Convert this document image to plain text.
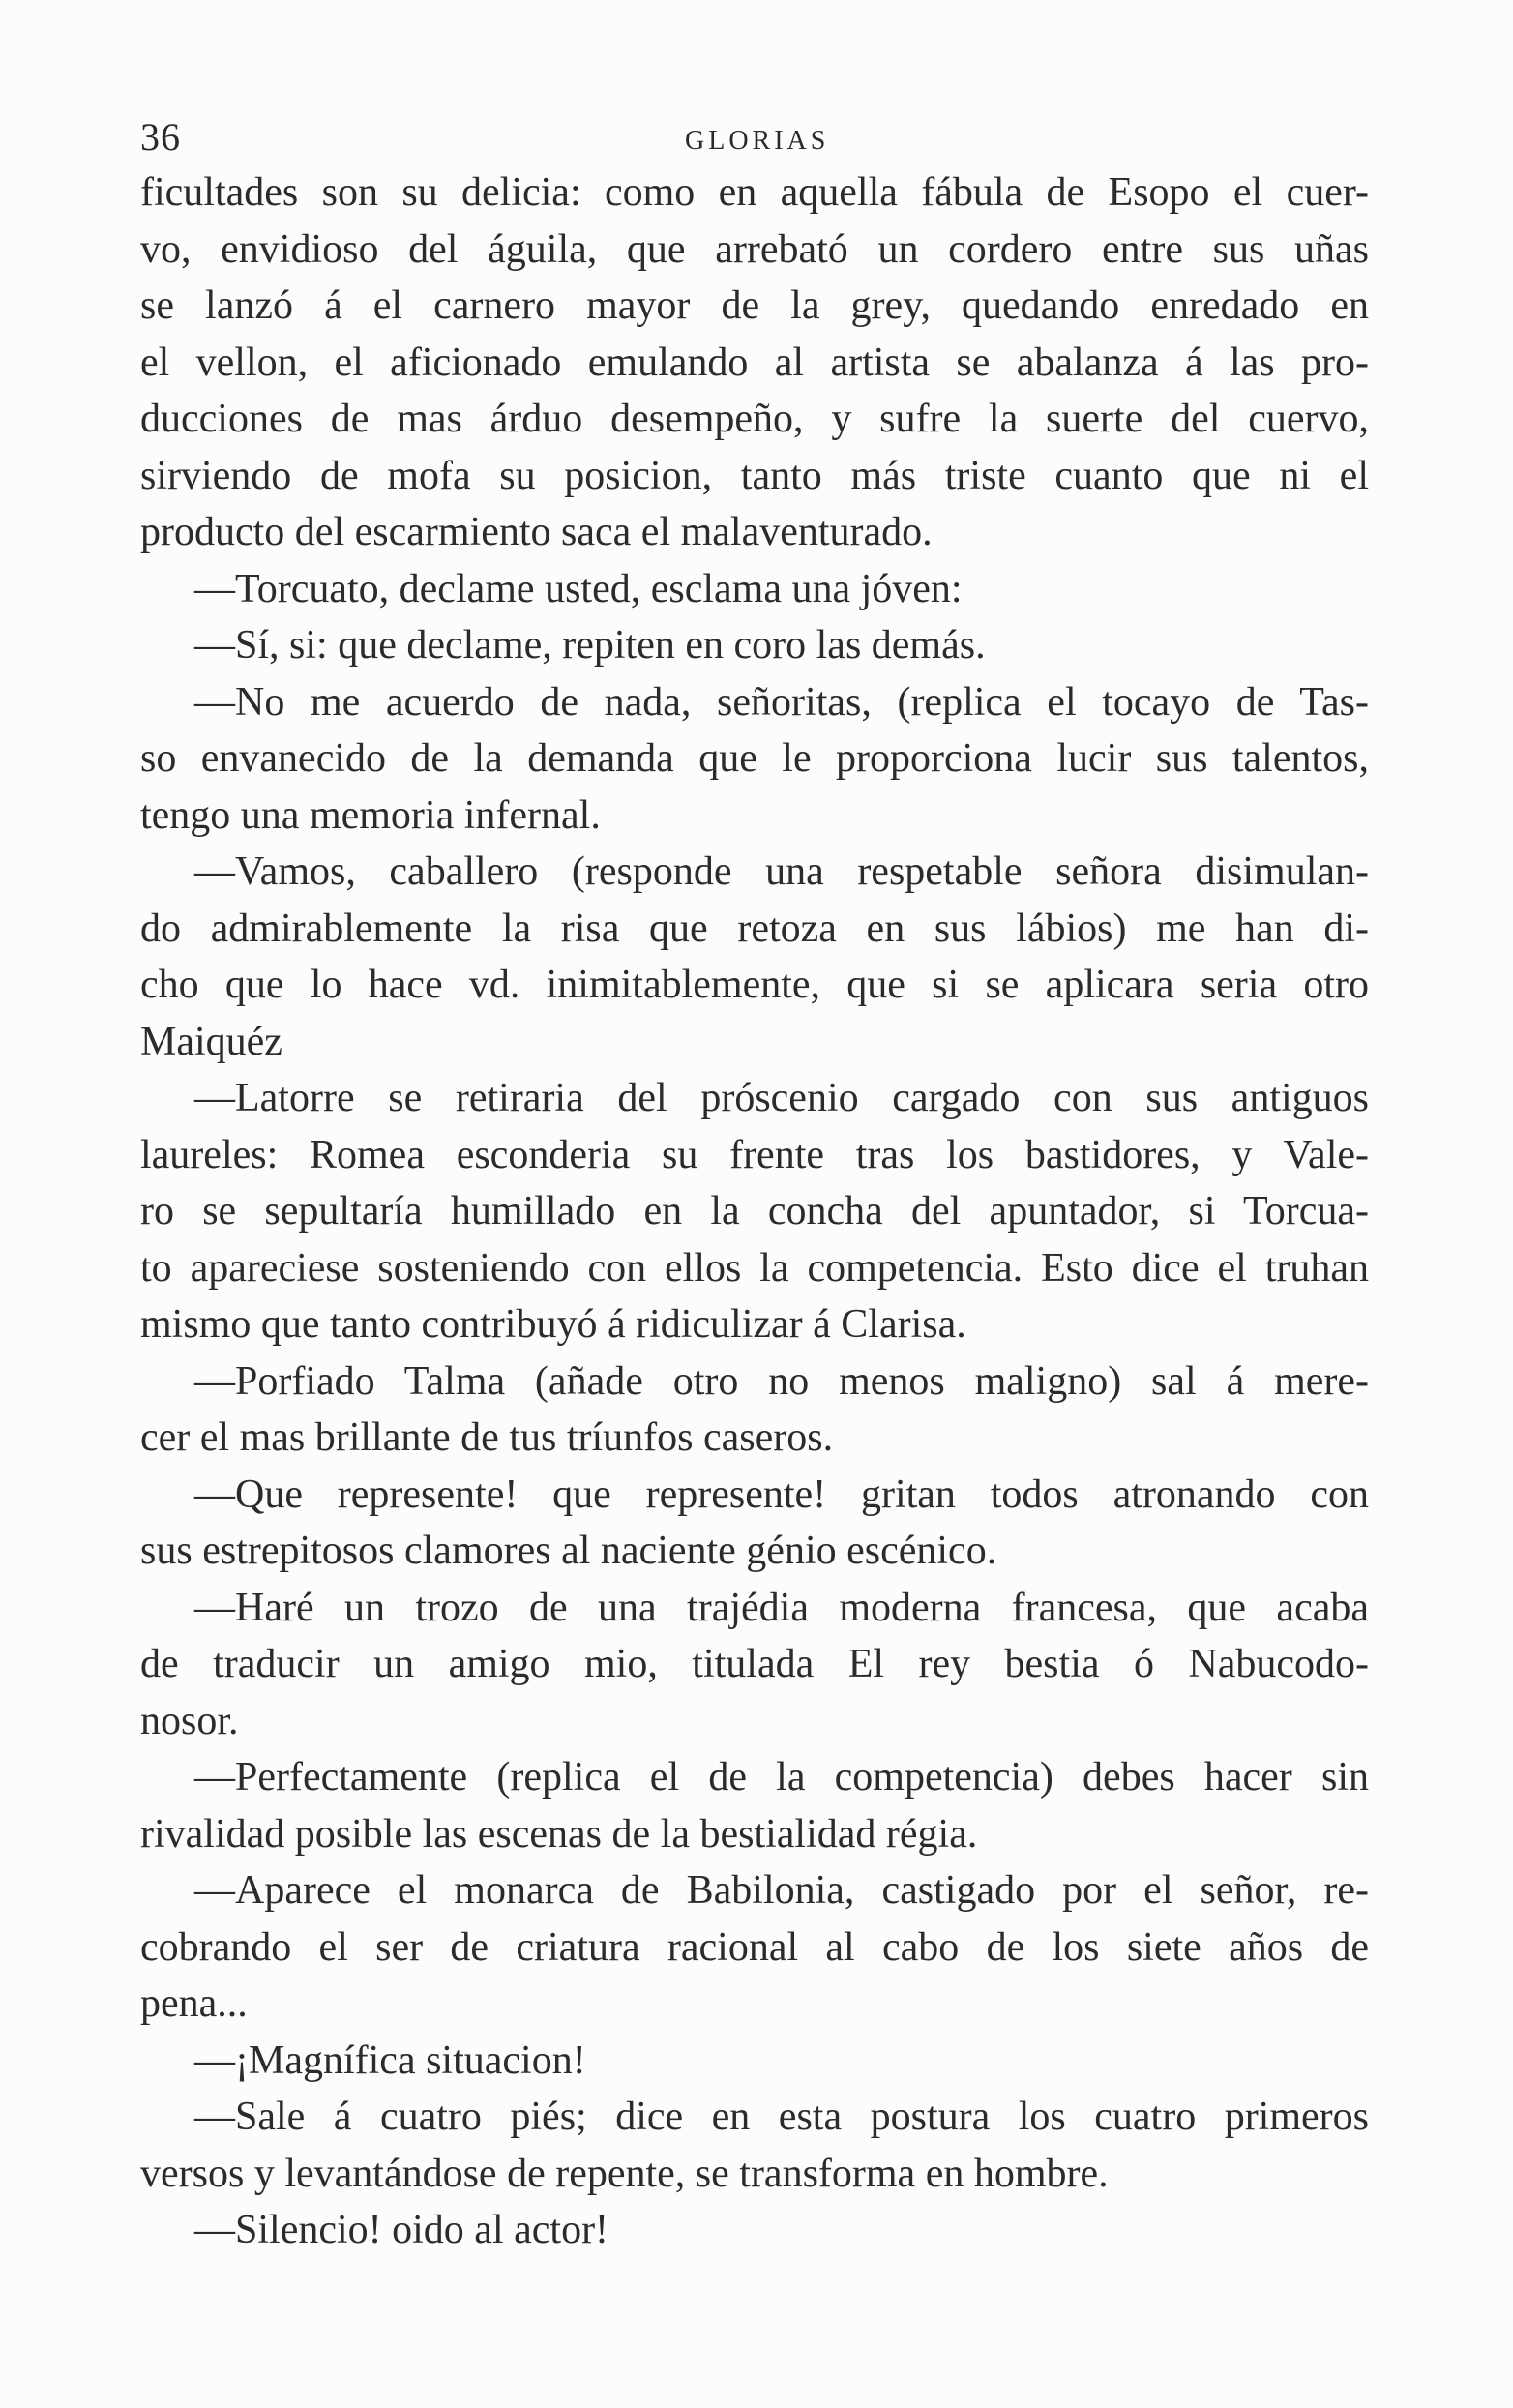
36	GLORIAS

ficultades son su delicia: como en aquella fábula de Esopo el cuer-
vo, envidioso del águila, que arrebató un cordero entre sus uñas
se lanzó á el carnero mayor de la grey, quedando enredado en
el vellon, el aficionado emulando al artista se abalanza á las pro-
ducciones de mas árduo desempeño, y sufre la suerte del cuervo,
sirviendo de mofa su posicion, tanto más triste cuanto que ni el
producto del escarmiento saca el malaventurado.

—Torcuato, declame usted, esclama una jóven:

—Sí, si: que declame, repiten en coro las demás.

—No me acuerdo de nada, señoritas, (replica el tocayo de Tas-
so envanecido de la demanda que le proporciona lucir sus talentos,
tengo una memoria infernal.

—Vamos, caballero (responde una respetable señora disimulan-
do admirablemente la risa que retoza en sus lábios) me han di-
cho que lo hace vd. inimitablemente, que si se aplicara seria otro
Maiquéz

—Latorre se retiraria del próscenio cargado con sus antiguos
laureles: Romea esconderia su frente tras los bastidores, y Vale-
ro se sepultaría humillado en la concha del apuntador, si Torcua-
to apareciese sosteniendo con ellos la competencia. Esto dice el truhan
mismo que tanto contribuyó á ridiculizar á Clarisa.

—Porfiado Talma (añade otro no menos maligno) sal á mere-
cer el mas brillante de tus tríunfos caseros.

—Que represente! que represente! gritan todos atronando con
sus estrepitosos clamores al naciente génio escénico.

—Haré un trozo de una trajédia moderna francesa, que acaba
de traducir un amigo mio, titulada El rey bestia ó Nabucodo-
nosor.

—Perfectamente (replica el de la competencia) debes hacer sin
rivalidad posible las escenas de la bestialidad régia.

—Aparece el monarca de Babilonia, castigado por el señor, re-
cobrando el ser de criatura racional al cabo de los siete años de
pena...

—¡Magnífica situacion!

—Sale á cuatro piés; dice en esta postura los cuatro primeros
versos y levantándose de repente, se transforma en hombre.

—Silencio! oido al actor!
